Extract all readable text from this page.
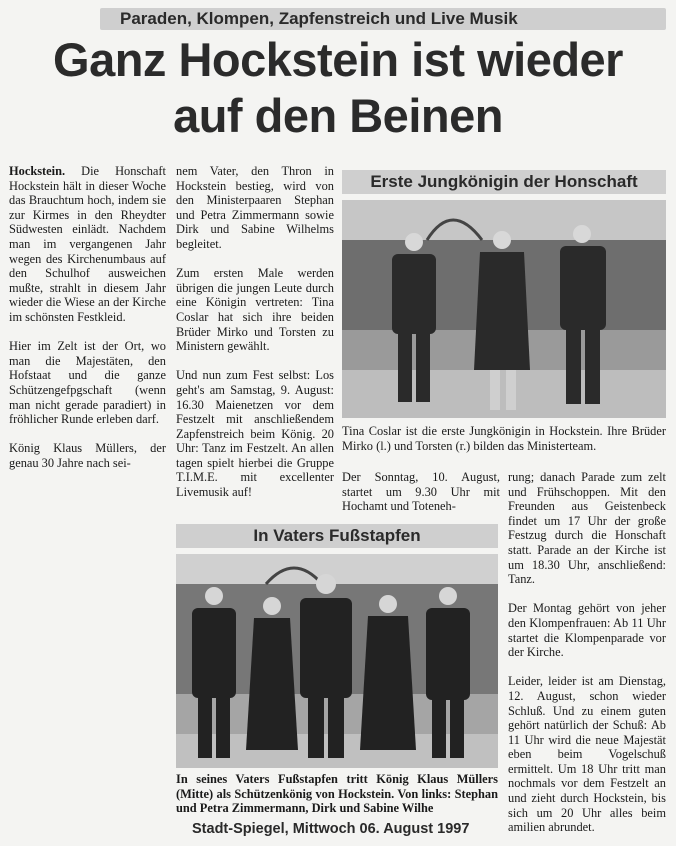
Paraden, Klompen, Zapfenstreich und Live Musik
Ganz Hockstein ist wieder
auf den Beinen

Hockstein. Die Honschaft Hockstein hält in dieser Woche das Brauchtum hoch, indem sie zur Kirmes in den Rheydter Südwesten einlädt. Nachdem man im vergangenen Jahr wegen des Kirchenumbaus auf den Schulhof ausweichen mußte, strahlt in diesem Jahr wieder die Wiese an der Kirche im schönsten Festkleid.

Hier im Zelt ist der Ort, wo man die Majestäten, den Hofstaat und die ganze Schützengefpgschaft (wenn man nicht gerade paradiert) in fröhlicher Runde erleben darf.

König Klaus Müllers, der genau 30 Jahre nach sei-

nem Vater, den Thron in Hockstein bestieg, wird von den Ministerpaaren Stephan und Petra Zimmermann sowie Dirk und Sabine Wilhelms begleitet.

Zum ersten Male werden übrigen die jungen Leute durch eine Königin vertreten: Tina Coslar hat sich ihre beiden Brüder Mirko und Torsten zu Ministern gewählt.

Und nun zum Fest selbst: Los geht's am Samstag, 9. August: 16.30 Maienetzen vor dem Festzelt mit anschließendem Zapfenstreich beim König. 20 Uhr: Tanz im Festzelt. An allen tagen spielt hierbei die Gruppe T.I.M.E. mit excellenter Livemusik auf!

Erste Jungkönigin der Honschaft
Tina Coslar ist die erste Jungkönigin in Hockstein. Ihre Brüder Mirko (l.) und Torsten (r.) bilden das Ministerteam.

Der Sonntag, 10. August, startet um 9.30 Uhr mit Hochamt und Toteneh-

rung; danach Parade zum zelt und Frühschoppen. Mit den Freunden aus Geistenbeck findet um 17 Uhr der große Festzug durch die Honschaft statt. Parade an der Kirche ist um 18.30 Uhr, anschließend: Tanz.

Der Montag gehört von jeher den Klompenfrauen: Ab 11 Uhr startet die Klompenparade vor der Kirche.

Leider, leider ist am Dienstag, 12. August, schon wieder Schluß. Und zu einem guten gehört natürlich der Schuß: Ab 11 Uhr wird die neue Majestät eben beim Vogelschuß ermittelt. Um 18 Uhr tritt man nochmals vor dem Festzelt an und zieht durch Hockstein, bis sich um 20 Uhr alles beim amilien abrundet.

In Vaters Fußstapfen
In seines Vaters Fußstapfen tritt König Klaus Müllers (Mitte) als Schützenkönig von Hockstein. Von links: Stephan und Petra Zimmermann, Dirk und Sabine Wilhe
Stadt-Spiegel, Mittwoch 06. August 1997
